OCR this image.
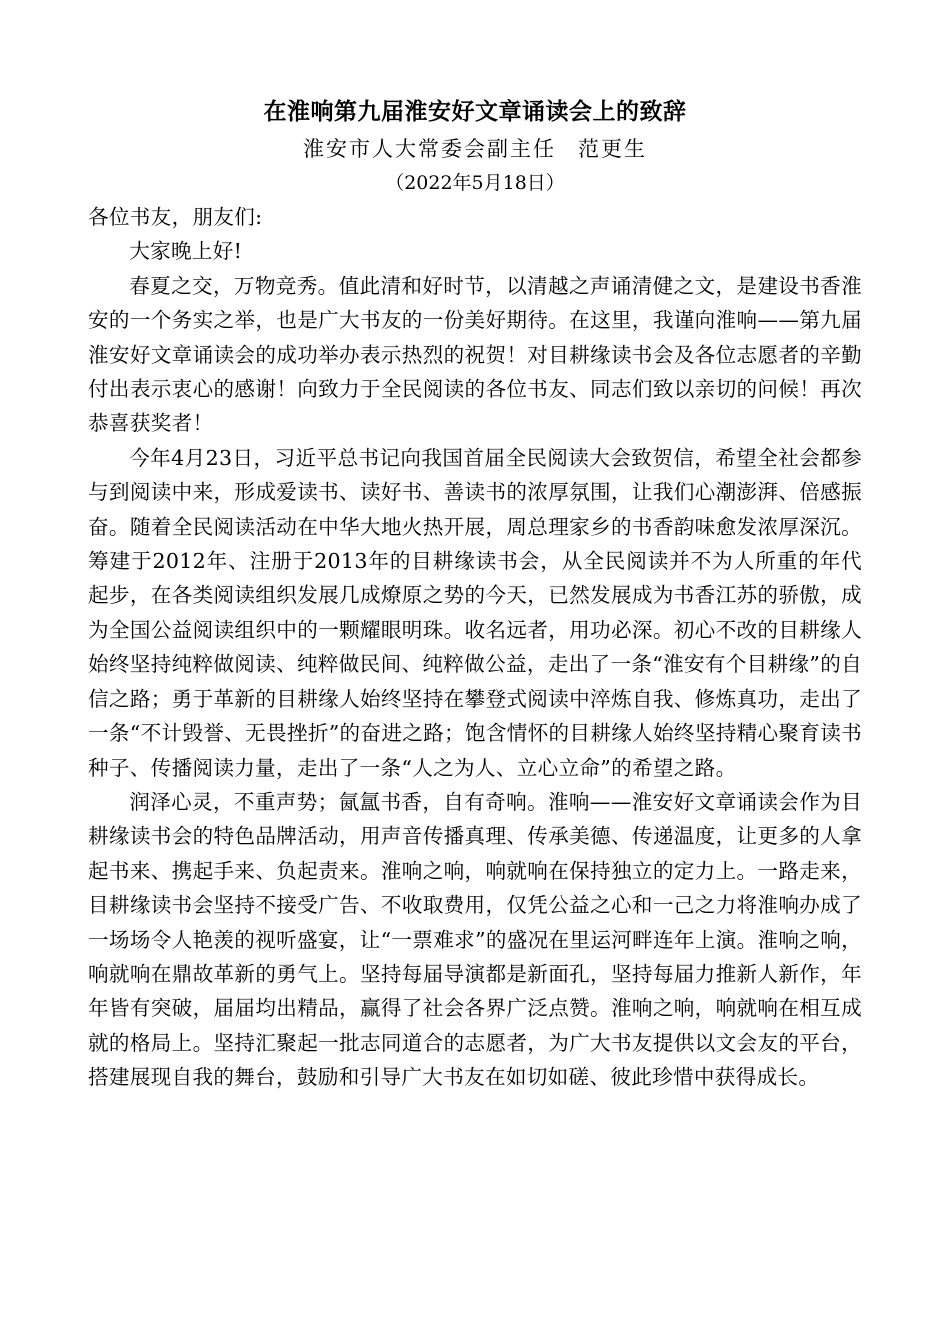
在淮响第九届淮安好文章诵读会上的致辞
淮安市人大常委会副主任 范更生
（2022年5月18日）

各位书友，朋友们:

大家晚上好!

春夏之交，万物竞秀。值此清和好时节，以清越之声诵清健之文，是建设书香淮安的一个务实之举，也是广大书友的一份美好期待。在这里，我谨向淮响——第九届淮安好文章诵读会的成功举办表示热烈的祝贺！对目耕缘读书会及各位志愿者的辛勤付出表示衷心的感谢！向致力于全民阅读的各位书友、同志们致以亲切的问候！再次恭喜获奖者！

今年4月23日，习近平总书记向我国首届全民阅读大会致贺信，希望全社会都参与到阅读中来，形成爱读书、读好书、善读书的浓厚氛围，让我们心潮澎湃、倍感振奋。随着全民阅读活动在中华大地火热开展，周总理家乡的书香韵味愈发浓厚深沉。筹建于2012年、注册于2013年的目耕缘读书会，从全民阅读并不为人所重的年代起步，在各类阅读组织发展几成燎原之势的今天，已然发展成为书香江苏的骄傲，成为全国公益阅读组织中的一颗耀眼明珠。收名远者，用功必深。初心不改的目耕缘人始终坚持纯粹做阅读、纯粹做民间、纯粹做公益，走出了一条“淮安有个目耕缘”的自信之路；勇于革新的目耕缘人始终坚持在攀登式阅读中淬炼自我、修炼真功，走出了一条“不计毁誉、无畏挫折”的奋进之路；饱含情怀的目耕缘人始终坚持精心聚育读书种子、传播阅读力量，走出了一条“人之为人、立心立命”的希望之路。

润泽心灵，不重声势；氤氲书香，自有奇响。淮响——淮安好文章诵读会作为目耕缘读书会的特色品牌活动，用声音传播真理、传承美德、传递温度，让更多的人拿起书来、携起手来、负起责来。淮响之响，响就响在保持独立的定力上。一路走来，目耕缘读书会坚持不接受广告、不收取费用，仅凭公益之心和一己之力将淮响办成了一场场令人艳羡的视听盛宴，让“一票难求”的盛况在里运河畔连年上演。淮响之响，响就响在鼎故革新的勇气上。坚持每届导演都是新面孔，坚持每届力推新人新作，年年皆有突破，届届均出精品，赢得了社会各界广泛点赞。淮响之响，响就响在相互成就的格局上。坚持汇聚起一批志同道合的志愿者，为广大书友提供以文会友的平台，搭建展现自我的舞台，鼓励和引导广大书友在如切如磋、彼此珍惜中获得成长。
